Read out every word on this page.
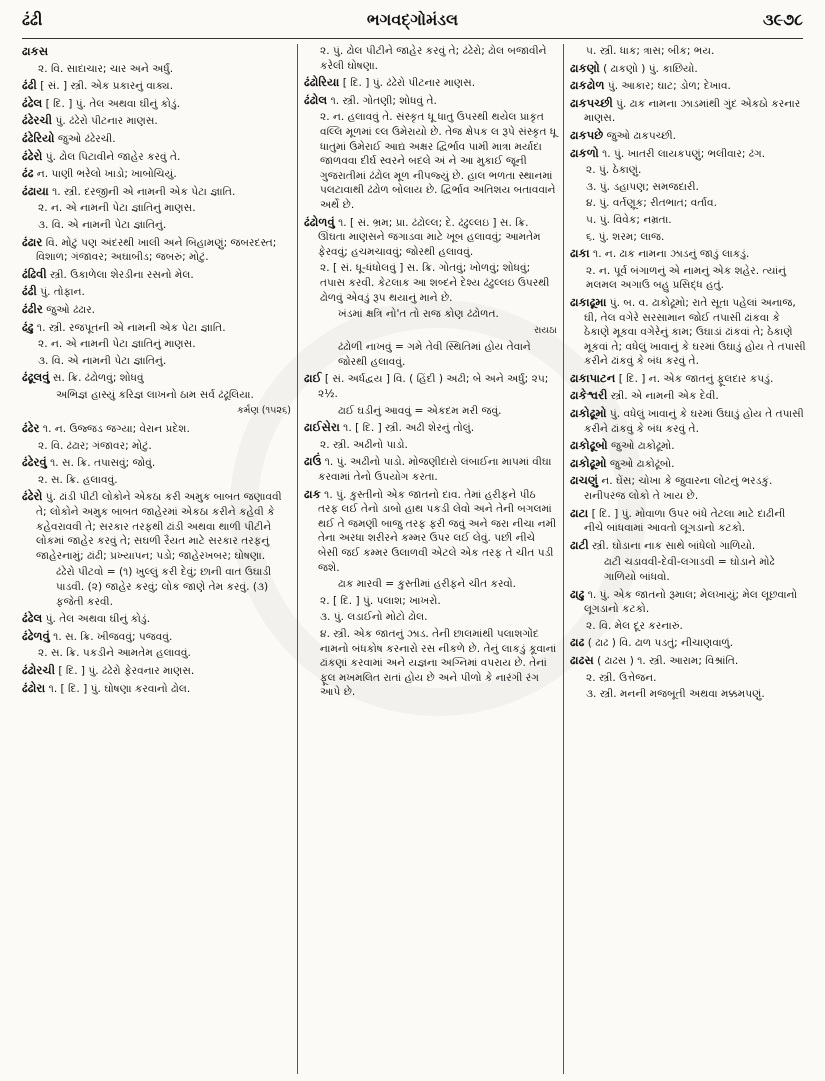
ઢંઢી	ભગવદ્ગોમંડલ	૩૯૭૮

ઢાકસ

૨. વિ. સાદાચાર; ચાર અને અર્ધું.

ઢંઢી [ સં. ] સ્ત્રી. એક પ્રકારનું વાક્ય.

ઢંઢેલ [ દિ. ] પું. તેલ અથવા ઘીનું કોડું.

ઢંઢેરચી પું. ઢંઢેરો પીટનાર માણસ.

ઢંઢેરિયો જુઓ ઢંઢેરચી.

ઢંઢેરો પું. ઢોલ પિટાવીને જાહેર કરવું તે.

ઢંઢ ન. પાણી ભરેલો ખાડો; ખાબોચિયું.

ઢંઢાયા ૧. સ્ત્રી. દરજીની એ નામની એક પેટા જ્ઞાતિ.

૨. ન. એ નામની પેટા જ્ઞાતિનું માણસ.

૩. વિ. એ નામની પેટા જ્ઞાતિનું.

ઢંઢાર વિ. મોટું પણ અંદરથી ખાલી અને બિહામણું; જબરદસ્ત; વિશાળ; ગંજાવર; અઘાબીડ; જબરું; મોટું.

ઢંઢિવી સ્ત્રી. ઉકાળેલા શેરડીના રસનો મેલ.

ઢંઢી પું. તોફાન.

ઢંઢીર જુઓ ઢંઢાર.

ઢંઢુ ૧. સ્ત્રી. રજપૂતની એ નામની એક પેટા જ્ઞાતિ.

૨. ન. એ નામની પેટા જ્ઞાતિનું માણસ.

૩. વિ. એ નામની પેટા જ્ઞાતિનું.

ઢંઢૂલવું સ. ક્રિ. ઢંઢોળવું; શોધવું

અભિજ્ઞ હાસ્યું કરિજ્ઞ લાખનો ઠામ સર્વ ઢંઢૂલિયા.

કર્મણ (૧૫૨૬)

ઢંઢેર ૧. ન. ઉજ્જડ જગ્યા; વેરાન પ્રદેશ.

૨. વિ. ઢંઢાર; ગંજાવર; મોટું.

ઢંઢેરવું ૧. સ. ક્રિ. તપાસવું; જોવું.

૨. સ. ક્રિ. હલાવવું.

ઢંઢેરો પું. ઢાંડી પીટી લોકોને એકઠા કરી અમુક બાબત જણાવવી તે; લોકોને અમુક બાબત જાહેરમાં એકઠા કરીને કહેવી કે કહેવરાવવી તે; સરકાર તરફથી ઢાંડી અથવા થાળી પીટીને લોકમાં જાહેર કરવું તે; સઘળી રૈયત માટે સરકાર તરફનું જાહેરનામું; ઢાંઢી; પ્રખ્યાપન; પડો; જાહેરખબર; ઘોષણા.

ઢંઢેરો પીટવો = (૧) ખુલ્લું કરી દેવું; છાની વાત ઉઘાડી પાડવી. (૨) જાહેર કરવું; લોક જાણે તેમ કરવું. (૩) ફજેતી કરવી.

ઢંઢેલ પું. તેલ અથવા ઘીનું કોડું.

ઢંઢેળવું ૧. સ. ક્રિ. ખીજવવું; પજવવું.

૨. સ. ક્રિ. પકડીને આમતેમ હલાવવું.

ઢંઢોરચી [ દિ. ] પું. ઢંઢેરો ફેરવનાર માણસ.

ઢંઢોરા ૧. [ દિ. ] પું. ઘોષણા કરવાનો ઢોલ.

૨. પું. ઢોલ પીટીને જાહેર કરવું તે; ઢંઢેરો; ઢોલ બજાવીને કરેલી ઘોષણા.

ઢંઢોરિયા [ દિ. ] પું. ઢંઢેરો પીટનાર માણસ.

ઢંઢોલ ૧. સ્ત્રી. ગોતણી; શોધવું તે.

૨. ન. હલાવવું તે. સંસ્કૃત ધૂ ધાતુ ઉપરથી થયેલ પ્રાકૃત વલ્લિ મૂળમાં લ્લ ઉમેરાયો છે. તેજ ક્ષેપક લ રૂપે સંસ્કૃત ધૂ ધાતુમાં ઉમેરાઈ આદ્ય અક્ષર દ્વિર્ભાવ પામી માત્રા મર્યાદા જાળવવા દીર્ઘ સ્વરને બદલે અં ને આ મુકાઈ જૂની ગુજરાતીમાં ઢંઢોલ મૂળ નીપજ્યું છે. હાલ ભળતા સ્થાનમાં પલટાવાથી ઢંઢોળ બોલાય છે. દ્વિર્ભાવ અતિશય બતાવવાને અર્થે છે.

ઢંઢોળવું ૧. [ સં. ભ્રમ; પ્રા. ઢંઢોલ્લ; દે. ઢંઢુલ્લઇ ] સ. ક્રિ. ઊંઘતા માણસને જગાડવા માટે ખૂબ હલાવવું; આમતેમ ફેરવવું; હચમચાવવું; જોરથી હલાવવું.

૨. [ સં. ધૂ-ધંધોલવું ] સ. ક્રિ. ગોતવું; ખોળવું; શોધવું; તપાસ કરવી. કેટલાક આ શબ્દને દેશ્ય ઢંઢુલ્લઇ ઉપરથી ઢોળવું એવડું રૂપ થયાનું માને છે.

ખંડમાં ક્ષત્રિ નો'ત તો રાજ કોણ ઢંઢોળત.

રાયઠા

ઢંઢોળી નાખવું = ગમે તેવી સ્થિતિમાં હોય તેવાને જોરથી હલાવવું.

ઢાઈ [ સં. અર્ધદ્વય ] વિ. ( હિંદી ) અઢી; બે અને અર્ધું; ૨૫; ૨½.

ઢાઈ ઘડીનું આવવું = એકદમ મરી જવું.

ઢાઈસેરા ૧. [ દિ. ] સ્ત્રી. અઢી શેરનું તોલું.

૨. સ્ત્રી. અઢીનો પાડો.

ઢાઉં ૧. પું. અઢીનો પાડો. મોજણીદારો લંબાઈના માપમાં વીઘા કરવામાં તેનો ઉપયોગ કરતા.

ઢાક ૧. પું. કુસ્તીનો એક જાતનો દાવ. તેમાં હરીફને પીઠ તરફ લઈ તેનો ડાબો હાથ પકડી લેવો અને તેની બગલમાં થઈ તે જમણી બાજુ તરફ ફરી જવું અને જરા નીચા નમી તેના અરધા શરીરને કમ્મર ઉપર લઈ લેવું. પછી નીચે બેસી જઈ કમ્મર ઉલાળવી એટલે એક તરફ તે ચીત પડી જશે.

ઢાક મારવી = કુસ્તીમાં હરીફને ચીત કરવો.

૨. [ દિ. ] પું. પલાશ; ખાખરો.

૩. પું. લડાઈનો મોટો ઢોલ.

૪. સ્ત્રી. એક જાતનું ઝાડ. તેની છાલમાંથી પલાશગોંદ નામનો બંધકોષ કરનારો રસ નીકળે છે. તેનું લાકડું કૂવાનાં ઢાંકણાં કરવામાં અને યજ્ઞના અગ્નિમાં વપરાય છે. તેનાં ફૂલ મખમલિત રાતાં હોય છે અને પીળો કે નારંગી રંગ આપે છે.

૫. સ્ત્રી. ધાક; ત્રાસ; બીક; ભય.

ઢાકણો ( ઢાકણો ) પું. કાછિયો.

ઢાકઢોળ પું. આકાર; ઘાટ; ડોળ; દેખાવ.

ઢાકપચ્છી પું. ઢાક નામના ઝાડમાંથી ગુંદ એકઠો કરનાર માણસ.

ઢાકપછે જુઓ ઢાકપચ્છી.

ઢાકળો ૧. પું. ખાતરી લાયકપણું; ભલીવાર; ઢંગ.

૨. પું. ઠેકાણું.

૩. પું. ડહાપણ; સમજદારી.

૪. પું. વર્તણૂક; રીતભાત; વર્તાવ.

૫. પું. વિવેક; નમ્રતા.

૬. પું. શરમ; લાજ.

ઢાકા ૧. ન. ઢાક નામના ઝાડનું જાડું લાકડું.

૨. ન. પૂર્વ બંગાળનું એ નામનું એક શહેર. ત્યાંનું મલમલ અગાઉ બહુ પ્રસિદ્ધ હતું.

ઢાકાઢૂમા પું. બ. વ. ઢાકોઢૂમો; રાતે સૂતા પહેલાં અનાજ, ઘી, તેલ વગેરે સરસામાન જોઈ તપાસી ઢાંકવા કે ઠેકાણે મૂકવા વગેરેનું કામ; ઉઘાડાં ઢાંકવાં તે; ઠેકાણે મૂકવાં તે; વધેલું ખાવાનું કે ઘરમાં ઉઘાડું હોય તે તપાસી કરીને ઢાંકવું કે બંધ કરવું તે.

ઢાકાપાટન [ દિ. ] ન. એક જાતનું ફૂલદાર કપડું.

ઢાકેશ્વરી સ્ત્રી. એ નામની એક દેવી.

ઢાકોઢૂમો પું. વધેલું ખાવાનું કે ઘરમાં ઉઘાડું હોય તે તપાસી કરીને ઢાંકવું કે બંધ કરવું તે.

ઢાકોઢૂબો જુઓ ઢાકોઢૂમો.

ઢાકોઢૂમો જુઓ ઢાકોઢૂંબો.

ઢાચણું ન. ઘેંસ; ચોખા કે જુવારના લોટનું ભરડકું. રાનીપરજ લોકો તે ખાય છે.

ઢાટા [ દિ. ] પું. મોવાળા ઉપર બંધે તેટલા માટે દાઢીની નીચે બાંધવામાં આવતો લૂગડાનો કટકો.

ઢાટી સ્ત્રી. ઘોડાના નાક સાથે બાંધેલો ગાળિયો.

ઢાટી ચડાવવી-દેવી-લગાડવી = ઘોડાને મોઢે ગાળિયો બાંધવો.

ઢાઢુ ૧. પું. એક જાતનો રૂમાલ; મેલખાયું; મેલ લૂછવાનો લૂગડાનો કટકો.

૨. વિ. મેલ દૂર કરનારું.

ઢાઢ ( ઢાઢ ) વિ. ઢાળ પડતું; નીચાણવાળું.

ઢાઢસ ( ઢાઢસ ) ૧. સ્ત્રી. આરામ; વિશ્રાંતિ.

૨. સ્ત્રી. ઉત્તેજન.

૩. સ્ત્રી. મનની મજબૂતી અથવા મક્કમપણું.
